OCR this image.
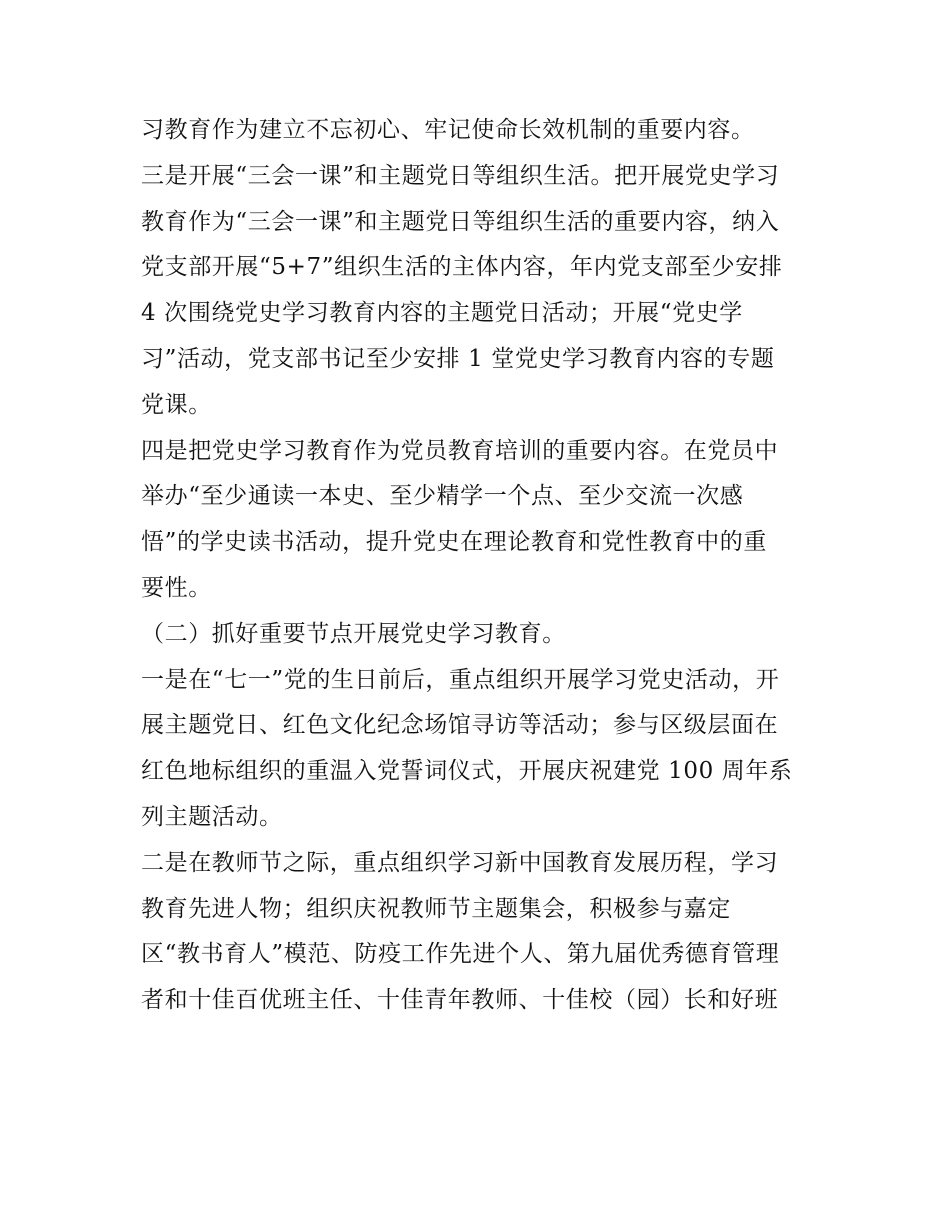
习教育作为建立不忘初心、牢记使命长效机制的重要内容。
三是开展“三会一课”和主题党日等组织生活。把开展党史学习
教育作为“三会一课”和主题党日等组织生活的重要内容，纳入
党支部开展“5+7”组织生活的主体内容，年内党支部至少安排
4 次围绕党史学习教育内容的主题党日活动；开展“党史学
习”活动，党支部书记至少安排 1 堂党史学习教育内容的专题
党课。
四是把党史学习教育作为党员教育培训的重要内容。在党员中
举办“至少通读一本史、至少精学一个点、至少交流一次感
悟”的学史读书活动，提升党史在理论教育和党性教育中的重
要性。
（二）抓好重要节点开展党史学习教育。
一是在“七一”党的生日前后，重点组织开展学习党史活动，开
展主题党日、红色文化纪念场馆寻访等活动；参与区级层面在
红色地标组织的重温入党誓词仪式，开展庆祝建党 100 周年系
列主题活动。
二是在教师节之际，重点组织学习新中国教育发展历程，学习
教育先进人物；组织庆祝教师节主题集会，积极参与嘉定
区“教书育人”模范、防疫工作先进个人、第九届优秀德育管理
者和十佳百优班主任、十佳青年教师、十佳校（园）长和好班
